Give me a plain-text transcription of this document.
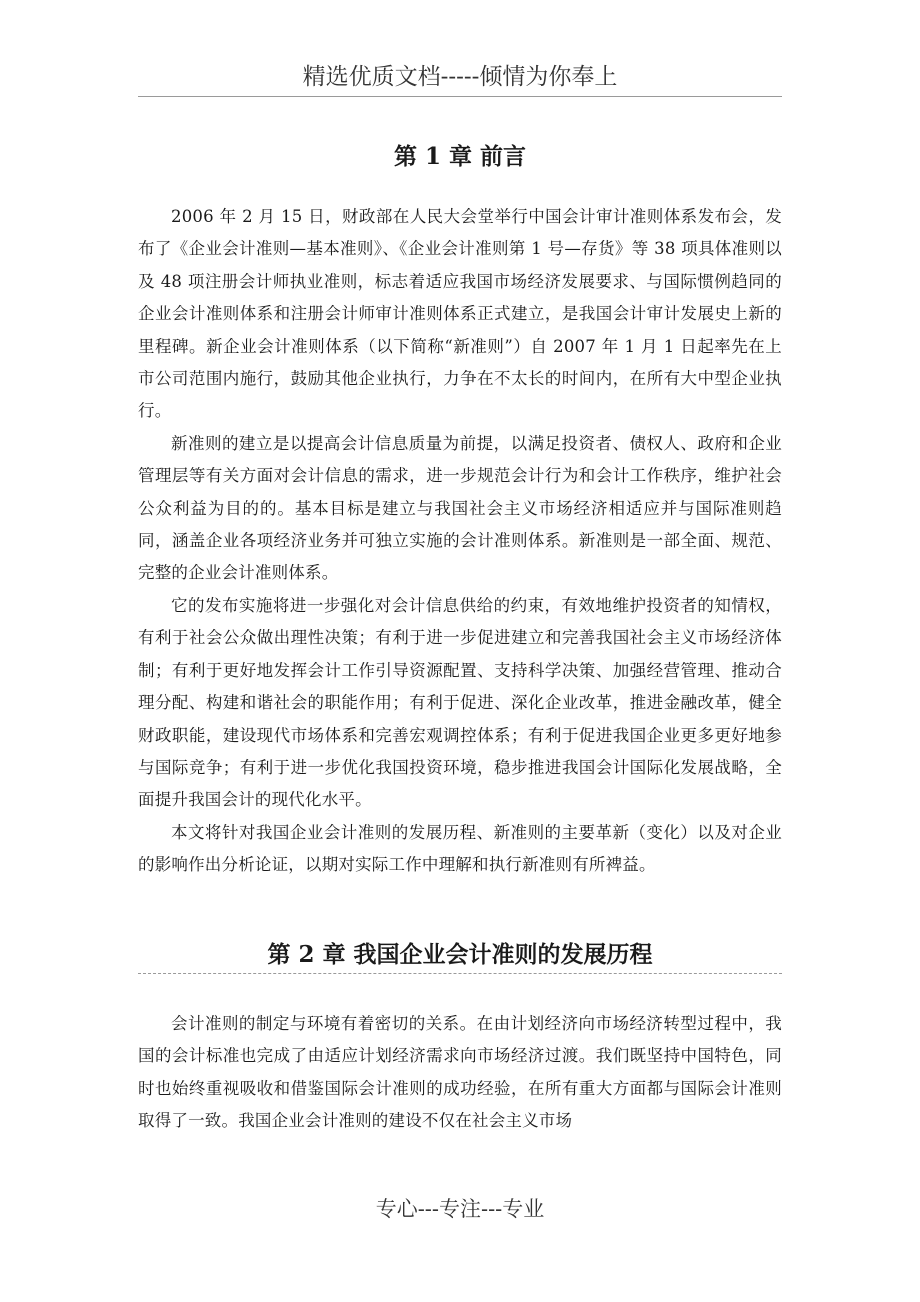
精选优质文档-----倾情为你奉上
第 1 章 前言

2006 年 2 月 15 日，财政部在人民大会堂举行中国会计审计准则体系发布会，发布了《企业会计准则—基本准则》、《企业会计准则第 1 号—存货》等 38 项具体准则以及 48 项注册会计师执业准则，标志着适应我国市场经济发展要求、与国际惯例趋同的企业会计准则体系和注册会计师审计准则体系正式建立，是我国会计审计发展史上新的里程碑。新企业会计准则体系（以下简称“新准则”）自 2007 年 1 月 1 日起率先在上市公司范围内施行，鼓励其他企业执行，力争在不太长的时间内，在所有大中型企业执行。

新准则的建立是以提高会计信息质量为前提，以满足投资者、债权人、政府和企业管理层等有关方面对会计信息的需求，进一步规范会计行为和会计工作秩序，维护社会公众利益为目的的。基本目标是建立与我国社会主义市场经济相适应并与国际准则趋同，涵盖企业各项经济业务并可独立实施的会计准则体系。新准则是一部全面、规范、完整的企业会计准则体系。

它的发布实施将进一步强化对会计信息供给的约束，有效地维护投资者的知情权，有利于社会公众做出理性决策；有利于进一步促进建立和完善我国社会主义市场经济体制；有利于更好地发挥会计工作引导资源配置、支持科学决策、加强经营管理、推动合理分配、构建和谐社会的职能作用；有利于促进、深化企业改革，推进金融改革，健全财政职能，建设现代市场体系和完善宏观调控体系；有利于促进我国企业更多更好地参与国际竞争；有利于进一步优化我国投资环境，稳步推进我国会计国际化发展战略，全面提升我国会计的现代化水平。

本文将针对我国企业会计准则的发展历程、新准则的主要革新（变化）以及对企业的影响作出分析论证，以期对实际工作中理解和执行新准则有所裨益。

第 2 章 我国企业会计准则的发展历程

会计准则的制定与环境有着密切的关系。在由计划经济向市场经济转型过程中，我国的会计标准也完成了由适应计划经济需求向市场经济过渡。我们既坚持中国特色，同时也始终重视吸收和借鉴国际会计准则的成功经验，在所有重大方面都与国际会计准则取得了一致。我国企业会计准则的建设不仅在社会主义市场

专心---专注---专业
